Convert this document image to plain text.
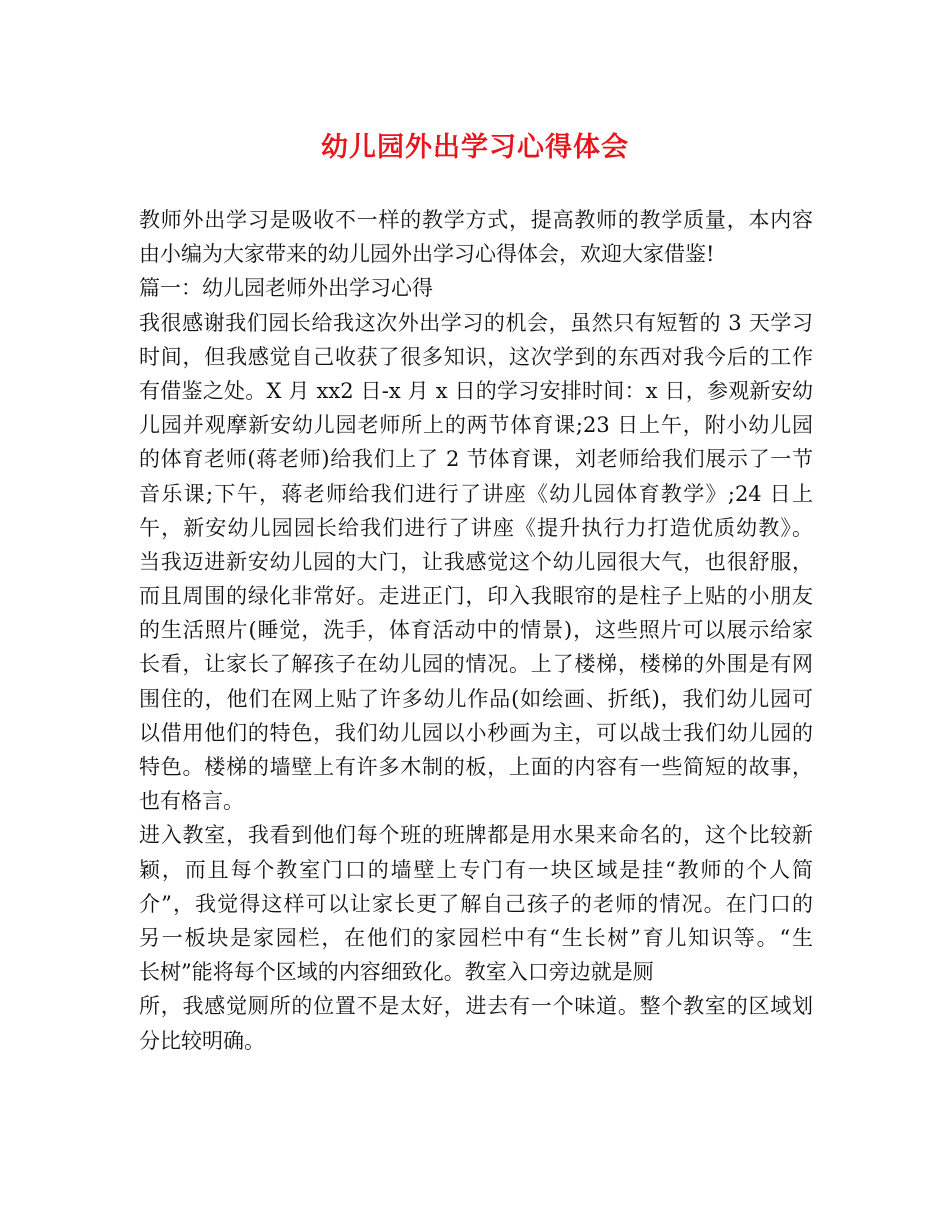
幼儿园外出学习心得体会
教师外出学习是吸收不一样的教学方式，提高教师的教学质量，本内容
由小编为大家带来的幼儿园外出学习心得体会，欢迎大家借鉴!
篇一：幼儿园老师外出学习心得
我很感谢我们园长给我这次外出学习的机会，虽然只有短暂的 3 天学习
时间，但我感觉自己收获了很多知识，这次学到的东西对我今后的工作
有借鉴之处。X 月 xx2 日-x 月 x 日的学习安排时间：x 日，参观新安幼
儿园并观摩新安幼儿园老师所上的两节体育课;23 日上午，附小幼儿园
的体育老师(蒋老师)给我们上了 2 节体育课，刘老师给我们展示了一节
音乐课;下午，蒋老师给我们进行了讲座《幼儿园体育教学》;24 日上
午，新安幼儿园园长给我们进行了讲座《提升执行力打造优质幼教》。
当我迈进新安幼儿园的大门，让我感觉这个幼儿园很大气，也很舒服，
而且周围的绿化非常好。走进正门，印入我眼帘的是柱子上贴的小朋友
的生活照片(睡觉，洗手，体育活动中的情景)，这些照片可以展示给家
长看，让家长了解孩子在幼儿园的情况。上了楼梯，楼梯的外围是有网
围住的，他们在网上贴了许多幼儿作品(如绘画、折纸)，我们幼儿园可
以借用他们的特色，我们幼儿园以小秒画为主，可以战士我们幼儿园的
特色。楼梯的墙壁上有许多木制的板，上面的内容有一些简短的故事，
也有格言。
进入教室，我看到他们每个班的班牌都是用水果来命名的，这个比较新
颖，而且每个教室门口的墙壁上专门有一块区域是挂“教师的个人简
介”，我觉得这样可以让家长更了解自己孩子的老师的情况。在门口的
另一板块是家园栏，在他们的家园栏中有“生长树”育儿知识等。“生
长树”能将每个区域的内容细致化。教室入口旁边就是厕
所，我感觉厕所的位置不是太好，进去有一个味道。整个教室的区域划
分比较明确。
